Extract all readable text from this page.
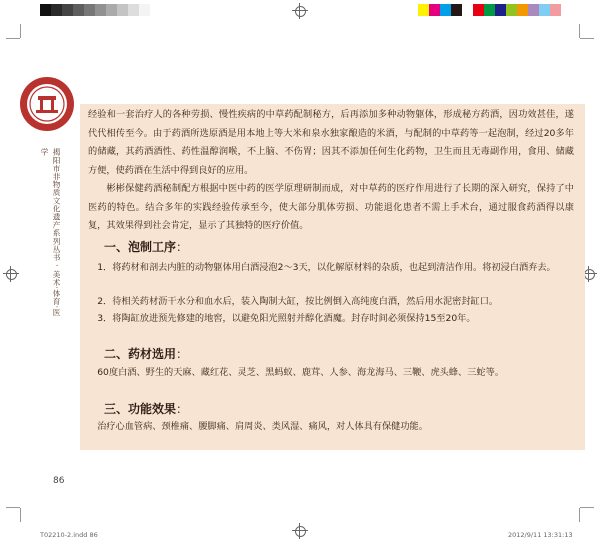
揭阳市非物质文化遗产系列丛书 · 美术·体育·医学

经验和一套治疗人的各种劳损、慢性疾病的中草药配制秘方，后再添加多种动物躯体，形成秘方药酒，因功效甚佳，遂代代相传至今。由于药酒所选原酒是用本地上等大米和泉水独家酿造的米酒，与配制的中草药等一起泡制，经过20多年的储藏，其药酒酒性、药性温醇润喉，不上脑、不伤胃；因其不添加任何生化药物，卫生而且无毒副作用，食用、储藏方便，使药酒在生活中得到良好的应用。

彬彬保健药酒秘制配方根据中医中药的医学原理研制而成，对中草药的医疗作用进行了长期的深入研究，保持了中医药的特色。结合多年的实践经验传承至今，使大部分肌体劳损、功能退化患者不需上手术台，通过服食药酒得以康复，其效果得到社会肯定，显示了其独特的医疗价值。

一、泡制工序：

1．将药材和剖去内脏的动物躯体用白酒浸泡2～3天，以化解原材料的杂质，也起到清洁作用。将初浸白酒弃去。

2．待相关药材沥干水分和血水后，装入陶制大缸，按比例倒入高纯度白酒，然后用水泥密封缸口。

3．将陶缸放进预先修建的地窖，以避免阳光照射并醇化酒魔。封存时间必须保持15至20年。

二、药材选用：

60度白酒、野生的天麻、藏红花、灵芝、黑蚂蚁、鹿茸、人参、海龙海马、三鞭、虎头蜂、三蛇等。

三、功能效果：

治疗心血管病、颈椎痛、腰脚痛、肩周炎、类风湿、痛风，对人体具有保健功能。

86
T02210-2.indd 86	2012/9/11 13:31:13
